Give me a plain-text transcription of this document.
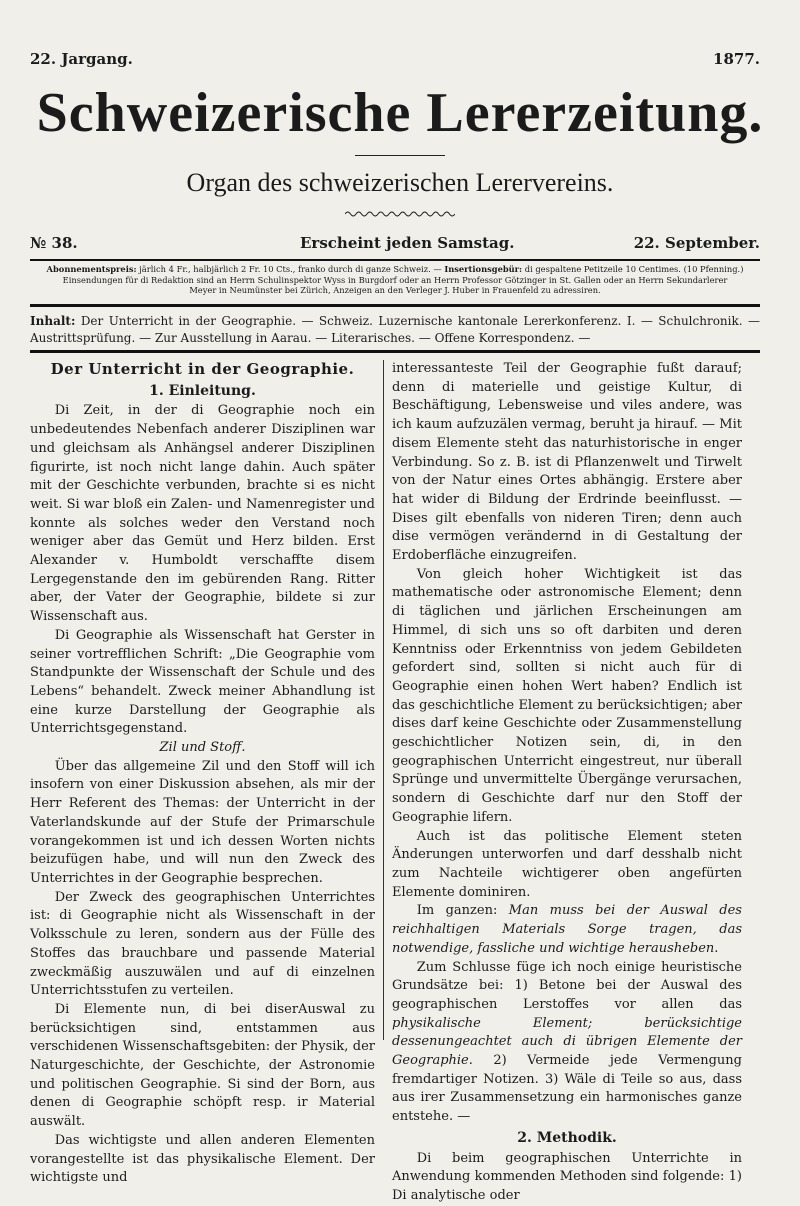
22. Jargang.	1877.
Schweizerische Lererzeitung.
Organ des schweizerischen Lerervereins.
№ 38.	Erscheint jeden Samstag.	22. September.
Abonnementspreis: järlich 4 Fr., halbjärlich 2 Fr. 10 Cts., franko durch di ganze Schweiz. — Insertionsgebür: di gespaltene Petitzeile 10 Centimes. (10 Pfenning.)
Einsendungen für di Redaktion sind an Herrn Schulinspektor Wyss in Burgdorf oder an Herrn Professor Götzinger in St. Gallen oder an Herrn Sekundarlerer
Meyer in Neumünster bei Zürich, Anzeigen an den Verleger J. Huber in Frauenfeld zu adressiren.
Inhalt: Der Unterricht in der Geographie. — Schweiz. Luzernische kantonale Lererkonferenz. I. — Schulchronik. — Austrittsprüfung. — Zur Ausstellung in Aarau. — Literarisches. — Offene Korrespondenz. —
Der Unterricht in der Geographie.
1. Einleitung.

Di Zeit, in der di Geographie noch ein unbedeutendes Nebenfach anderer Disziplinen war und gleichsam als Anhängsel anderer Disziplinen figurirte, ist noch nicht lange dahin. Auch später mit der Geschichte verbunden, brachte si es nicht weit. Si war bloß ein Zalen- und Namenregister und konnte als solches weder den Verstand noch weniger aber das Gemüt und Herz bilden. Erst Alexander v. Humboldt verschaffte disem Lergegenstande den im gebürenden Rang. Ritter aber, der Vater der Geographie, bildete si zur Wissenschaft aus.

Di Geographie als Wissenschaft hat Gerster in seiner vortrefflichen Schrift: „Die Geographie vom Standpunkte der Wissenschaft der Schule und des Lebens“ behandelt. Zweck meiner Abhandlung ist eine kurze Darstellung der Geographie als Unterrichtsgegenstand.

Zil und Stoff.

Über das allgemeine Zil und den Stoff will ich insofern von einer Diskussion absehen, als mir der Herr Referent des Themas: der Unterricht in der Vaterlandskunde auf der Stufe der Primarschule vorangekommen ist und ich dessen Worten nichts beizufügen habe, und will nun den Zweck des Unterrichtes in der Geographie besprechen.

Der Zweck des geographischen Unterrichtes ist: di Geographie nicht als Wissenschaft in der Volksschule zu leren, sondern aus der Fülle des Stoffes das brauchbare und passende Material zweckmäßig auszuwälen und auf di einzelnen Unterrichtsstufen zu verteilen.

Di Elemente nun, di bei diserAuswal zu berücksichtigen sind, entstammen aus verschidenen Wissenschaftsgebiten: der Physik, der Naturgeschichte, der Geschichte, der Astronomie und politischen Geographie. Si sind der Born, aus denen di Geographie schöpft resp. ir Material auswält.

Das wichtigste und allen anderen Elementen vorangestellte ist das physikalische Element. Der wichtigste und

interessanteste Teil der Geographie fußt darauf; denn di materielle und geistige Kultur, di Beschäftigung, Lebensweise und viles andere, was ich kaum aufzuzälen vermag, beruht ja hirauf. — Mit disem Elemente steht das naturhistorische in enger Verbindung. So z. B. ist di Pflanzenwelt und Tirwelt von der Natur eines Ortes abhängig. Erstere aber hat wider di Bildung der Erdrinde beeinflusst. — Dises gilt ebenfalls von nideren Tiren; denn auch dise vermögen verändernd in di Gestaltung der Erdoberfläche einzugreifen.

Von gleich hoher Wichtigkeit ist das mathematische oder astronomische Element; denn di täglichen und järlichen Erscheinungen am Himmel, di sich uns so oft darbiten und deren Kenntniss oder Erkenntniss von jedem Gebildeten gefordert sind, sollten si nicht auch für di Geographie einen hohen Wert haben? Endlich ist das geschichtliche Element zu berücksichtigen; aber dises darf keine Geschichte oder Zusammenstellung geschichtlicher Notizen sein, di, in den geographischen Unterricht eingestreut, nur überall Sprünge und unvermittelte Übergänge verursachen, sondern di Geschichte darf nur den Stoff der Geographie lifern.

Auch ist das politische Element steten Änderungen unterworfen und darf desshalb nicht zum Nachteile wichtigerer oben angefürten Elemente dominiren.

Im ganzen: Man muss bei der Auswal des reichhaltigen Materials Sorge tragen, das notwendige, fassliche und wichtige herausheben.

Zum Schlusse füge ich noch einige heuristische Grundsätze bei: 1) Betone bei der Auswal des geographischen Lerstoffes vor allen das physikalische Element;	berücksichtige dessenungeachtet auch di übrigen Elemente der Geographie. 2) Vermeide jede Vermengung fremdartiger Notizen. 3) Wäle di Teile so aus, dass aus irer Zusammensetzung ein harmonisches ganze entstehe. —

2. Methodik.

Di beim geographischen Unterrichte in Anwendung kommenden Methoden sind folgende: 1) Di analytische oder
